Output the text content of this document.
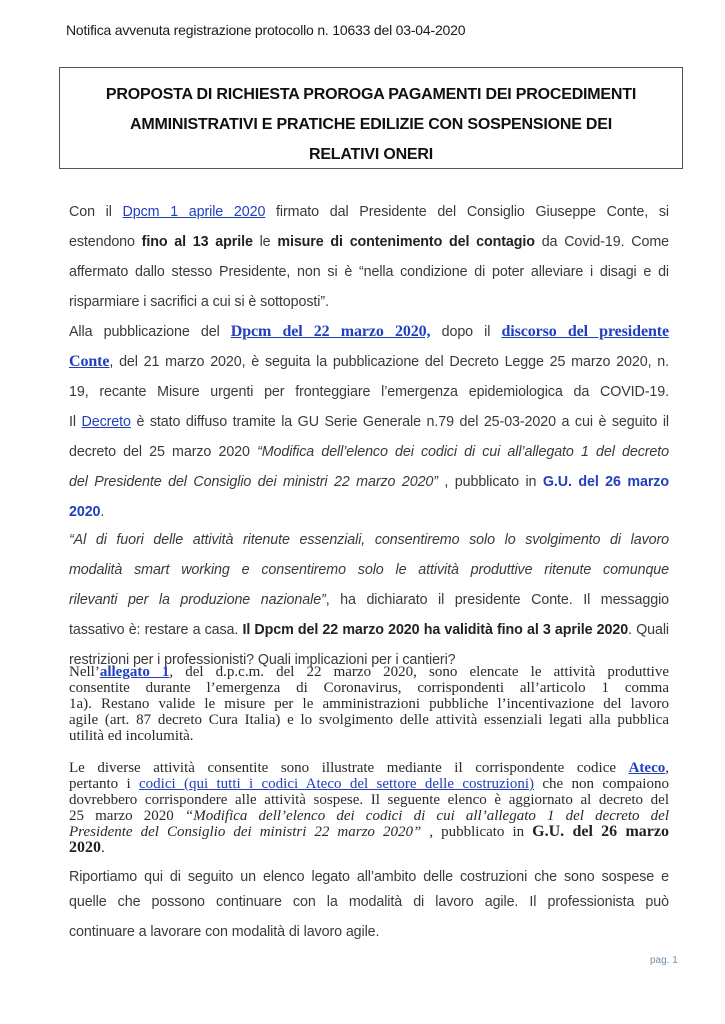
Notifica avvenuta registrazione protocollo n. 10633 del 03-04-2020
PROPOSTA DI RICHIESTA PROROGA PAGAMENTI DEI PROCEDIMENTI
AMMINISTRATIVI E PRATICHE EDILIZIE CON SOSPENSIONE DEI
RELATIVI ONERI
Con il Dpcm 1 aprile 2020 firmato dal Presidente del Consiglio Giuseppe Conte, si
estendono fino al 13 aprile le misure di contenimento del contagio da Covid-19. Come
affermato dallo stesso Presidente, non si è “nella condizione di poter alleviare i disagi e di
risparmiare i sacrifici a cui si è sottoposti”.
Alla pubblicazione del Dpcm del 22 marzo 2020, dopo il discorso del presidente
Conte, del 21 marzo 2020, è seguita la pubblicazione del Decreto Legge 25 marzo 2020, n.
19, recante Misure urgenti per fronteggiare l’emergenza epidemiologica da COVID-19.
Il Decreto è stato diffuso tramite la GU Serie Generale n.79 del 25-03-2020 a cui è seguito il
decreto del 25 marzo 2020 “Modifica dell’elenco dei codici di cui all’allegato 1 del decreto
del Presidente del Consiglio dei ministri 22 marzo 2020” , pubblicato in G.U. del 26 marzo
2020.
“Al di fuori delle attività ritenute essenziali, consentiremo solo lo svolgimento di lavoro
modalità smart working e consentiremo solo le attività produttive ritenute comunque
rilevanti per la produzione nazionale”, ha dichiarato il presidente Conte. Il messaggio
tassativo è: restare a casa. Il Dpcm del 22 marzo 2020 ha validità fino al 3 aprile 2020. Quali
restrizioni per i professionisti? Quali implicazioni per i cantieri?
Nell’allegato 1, del d.p.c.m. del 22 marzo 2020, sono elencate le attività produttive
consentite durante l’emergenza di Coronavirus, corrispondenti all’articolo 1 comma
1a). Restano valide le misure per le amministrazioni pubbliche l’incentivazione del lavoro
agile (art. 87 decreto Cura Italia) e lo svolgimento delle attività essenziali legati alla pubblica
utilità ed incolumità.
Le diverse attività consentite sono illustrate mediante il corrispondente codice Ateco,
pertanto i codici (qui tutti i codici Ateco del settore delle costruzioni) che non compaiono
dovrebbero corrispondere alle attività sospese. Il seguente elenco è aggiornato al decreto del
25 marzo 2020 “Modifica dell’elenco dei codici di cui all’allegato 1 del decreto del
Presidente del Consiglio dei ministri 22 marzo 2020” , pubblicato in G.U. del 26 marzo
2020.
Riportiamo qui di seguito un elenco legato all’ambito delle costruzioni che sono sospese e
quelle che possono continuare con la modalità di lavoro agile. Il professionista può
continuare a lavorare con modalità di lavoro agile.
pag. 1
